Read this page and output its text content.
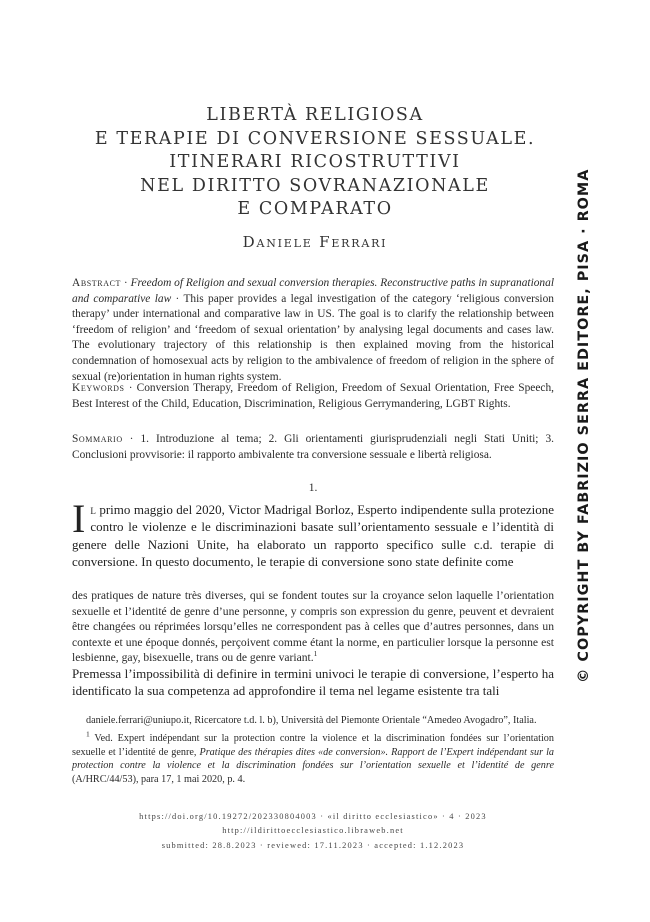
LIBERTÀ RELIGIOSA
E TERAPIE DI CONVERSIONE SESSUALE.
ITINERARI RICOSTRUTTIVI
NEL DIRITTO SOVRANAZIONALE
E COMPARATO
Daniele Ferrari
Abstract · Freedom of Religion and sexual conversion therapies. Reconstructive paths in supranational and comparative law · This paper provides a legal investigation of the category ‘religious conversion therapy’ under international and comparative law in US. The goal is to clarify the relationship between ‘freedom of religion’ and ‘freedom of sexual orientation’ by analysing legal documents and cases law. The evolutionary trajectory of this relationship is then explained moving from the historical condemnation of homosexual acts by religion to the ambivalence of freedom of religion in the sphere of sexual (re)orientation in human rights system.
Keywords · Conversion Therapy, Freedom of Religion, Freedom of Sexual Orientation, Free Speech, Best Interest of the Child, Education, Discrimination, Religious Gerrymandering, LGBT Rights.
Sommario · 1. Introduzione al tema; 2. Gli orientamenti giurisprudenziali negli Stati Uniti; 3. Conclusioni provvisorie: il rapporto ambivalente tra conversione sessuale e libertà religiosa.
1.
Il primo maggio del 2020, Victor Madrigal Borloz, Esperto indipendente sulla protezione contro le violenze e le discriminazioni basate sull’orientamento sessuale e l’identità di genere delle Nazioni Unite, ha elaborato un rapporto specifico sulle c.d. terapie di conversione. In questo documento, le terapie di conversione sono state definite come
des pratiques de nature très diverses, qui se fondent toutes sur la croyance selon laquelle l’orientation sexuelle et l’identité de genre d’une personne, y compris son expression du genre, peuvent et devraient être changées ou réprimées lorsqu’elles ne correspondent pas à celles que d’autres personnes, dans un contexte et une époque donnés, perçoivent comme étant la norme, en particulier lorsque la personne est lesbienne, gay, bisexuelle, trans ou de genre variant.$^1$
Premessa l’impossibilità di definire in termini univoci le terapie di conversione, l’esperto ha identificato la sua competenza ad approfondire il tema nel legame esistente tra tali
daniele.ferrari@uniupo.it, Ricercatore t.d. l. b), Università del Piemonte Orientale “Amedeo Avogadro”, Italia.
$^1$ Ved. Expert indépendant sur la protection contre la violence et la discrimination fondées sur l’orientation sexuelle et l’identité de genre, Pratique des thérapies dites «de conversion». Rapport de l’Expert indépendant sur la protection contre la violence et la discrimination fondées sur l’orientation sexuelle et l’identité de genre (A/HRC/44/53), para 17, 1 mai 2020, p. 4.
https://doi.org/10.19272/202330804003 · «il diritto ecclesiastico» · 4 · 2023
http://ildirittoecclesiastico.libraweb.net
submitted: 28.8.2023 · reviewed: 17.11.2023 · accepted: 1.12.2023
© COPYRIGHT BY FABRIZIO SERRA EDITORE, PISA · ROMA
